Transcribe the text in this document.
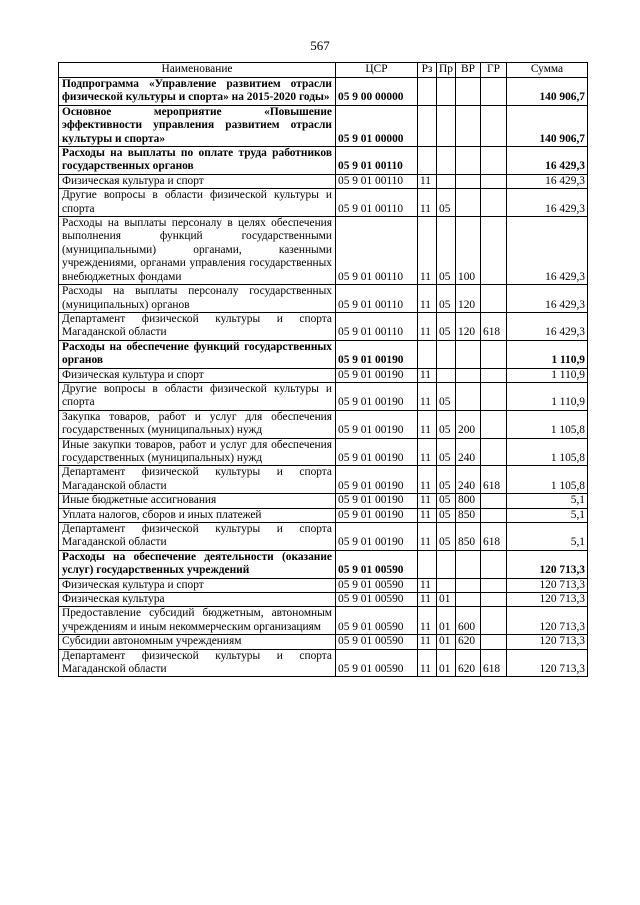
567
Наименование	ЦСР	Рз	Пр	ВР	ГР	Сумма
Подпрограмма «Управление развитием отрасли физической культуры и спорта» на 2015-2020 годы»	05 9 00 00000					140 906,7
Основное мероприятие «Повышение эффективности управления развитием отрасли культуры и спорта»	05 9 01 00000					140 906,7
Расходы на выплаты по оплате труда работников государственных органов	05 9 01 00110					16 429,3
Физическая культура и спорт	05 9 01 00110	11				16 429,3
Другие вопросы в области физической культуры и спорта	05 9 01 00110	11	05			16 429,3
Расходы на выплаты персоналу в целях обеспечения выполнения функций государственными (муниципальными) органами, казенными учреждениями, органами управления государственных внебюджетных фондами	05 9 01 00110	11	05	100		16 429,3
Расходы на выплаты персоналу государственных (муниципальных) органов	05 9 01 00110	11	05	120		16 429,3
Департамент физической культуры и спорта Магаданской области	05 9 01 00110	11	05	120	618	16 429,3
Расходы на обеспечение функций государственных органов	05 9 01 00190					1 110,9
Физическая культура и спорт	05 9 01 00190	11				1 110,9
Другие вопросы в области физической культуры и спорта	05 9 01 00190	11	05			1 110,9
Закупка товаров, работ и услуг для обеспечения государственных (муниципальных) нужд	05 9 01 00190	11	05	200		1 105,8
Иные закупки товаров, работ и услуг для обеспечения государственных (муниципальных) нужд	05 9 01 00190	11	05	240		1 105,8
Департамент физической культуры и спорта Магаданской области	05 9 01 00190	11	05	240	618	1 105,8
Иные бюджетные ассигнования	05 9 01 00190	11	05	800		5,1
Уплата налогов, сборов и иных платежей	05 9 01 00190	11	05	850		5,1
Департамент физической культуры и спорта Магаданской области	05 9 01 00190	11	05	850	618	5,1
Расходы на обеспечение деятельности (оказание услуг) государственных учреждений	05 9 01 00590					120 713,3
Физическая культура и спорт	05 9 01 00590	11				120 713,3
Физическая культура	05 9 01 00590	11	01			120 713,3
Предоставление субсидий бюджетным, автономным учреждениям и иным некоммерческим организациям	05 9 01 00590	11	01	600		120 713,3
Субсидии автономным учреждениям	05 9 01 00590	11	01	620		120 713,3
Департамент физической культуры и спорта Магаданской области	05 9 01 00590	11	01	620	618	120 713,3
